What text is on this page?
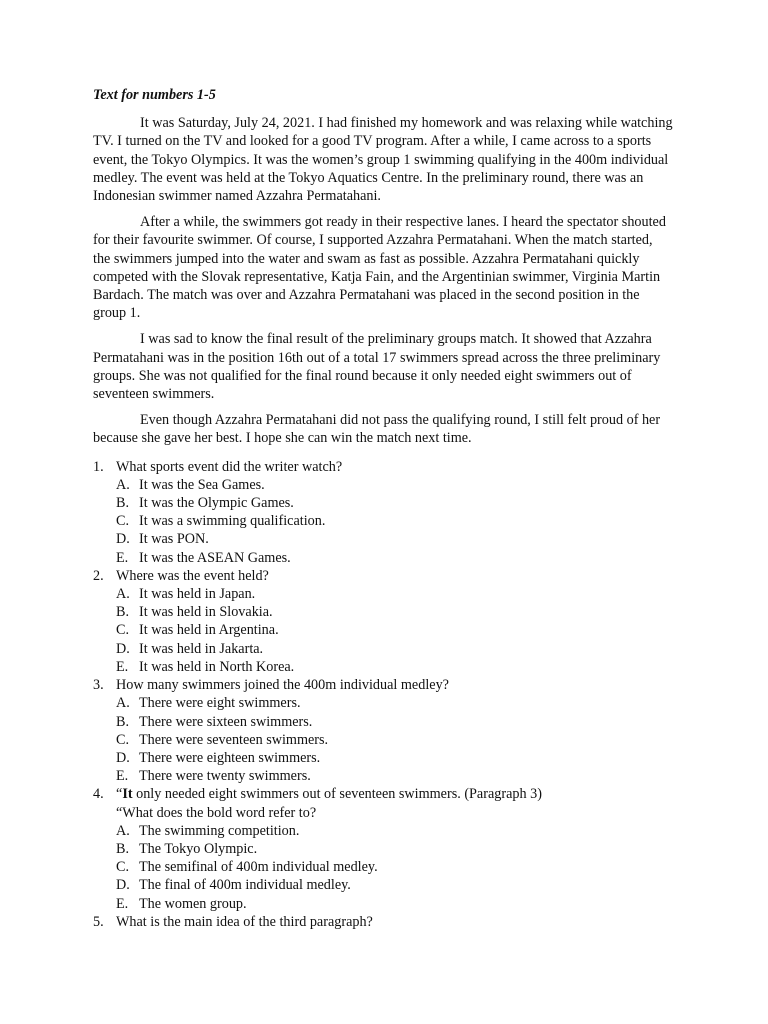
Text for numbers 1-5

It was Saturday, July 24, 2021. I had finished my homework and was relaxing while watching TV. I turned on the TV and looked for a good TV program. After a while, I came across to a sports event, the Tokyo Olympics. It was the women’s group 1 swimming qualifying in the 400m individual medley. The event was held at the Tokyo Aquatics Centre. In the preliminary round, there was an Indonesian swimmer named Azzahra Permatahani.

After a while, the swimmers got ready in their respective lanes. I heard the spectator shouted for their favourite swimmer. Of course, I supported Azzahra Permatahani. When the match started, the swimmers jumped into the water and swam as fast as possible. Azzahra Permatahani quickly competed with the Slovak representative, Katja Fain, and the Argentinian swimmer, Virginia Martin Bardach. The match was over and Azzahra Permatahani was placed in the second position in the group 1.

I was sad to know the final result of the preliminary groups match. It showed that Azzahra Permatahani was in the position 16th out of a total 17 swimmers spread across the three preliminary groups. She was not qualified for the final round because it only needed eight swimmers out of seventeen swimmers.

Even though Azzahra Permatahani did not pass the qualifying round, I still felt proud of her because she gave her best. I hope she can win the match next time.

1. What sports event did the writer watch?
A. It was the Sea Games.
B. It was the Olympic Games.
C. It was a swimming qualification.
D. It was PON.
E. It was the ASEAN Games.
2. Where was the event held?
A. It was held in Japan.
B. It was held in Slovakia.
C. It was held in Argentina.
D. It was held in Jakarta.
E. It was held in North Korea.
3. How many swimmers joined the 400m individual medley?
A. There were eight swimmers.
B. There were sixteen swimmers.
C. There were seventeen swimmers.
D. There were eighteen swimmers.
E. There were twenty swimmers.
4. “It only needed eight swimmers out of seventeen swimmers. (Paragraph 3)
“What does the bold word refer to?
A. The swimming competition.
B. The Tokyo Olympic.
C. The semifinal of 400m individual medley.
D. The final of 400m individual medley.
E. The women group.
5. What is the main idea of the third paragraph?
